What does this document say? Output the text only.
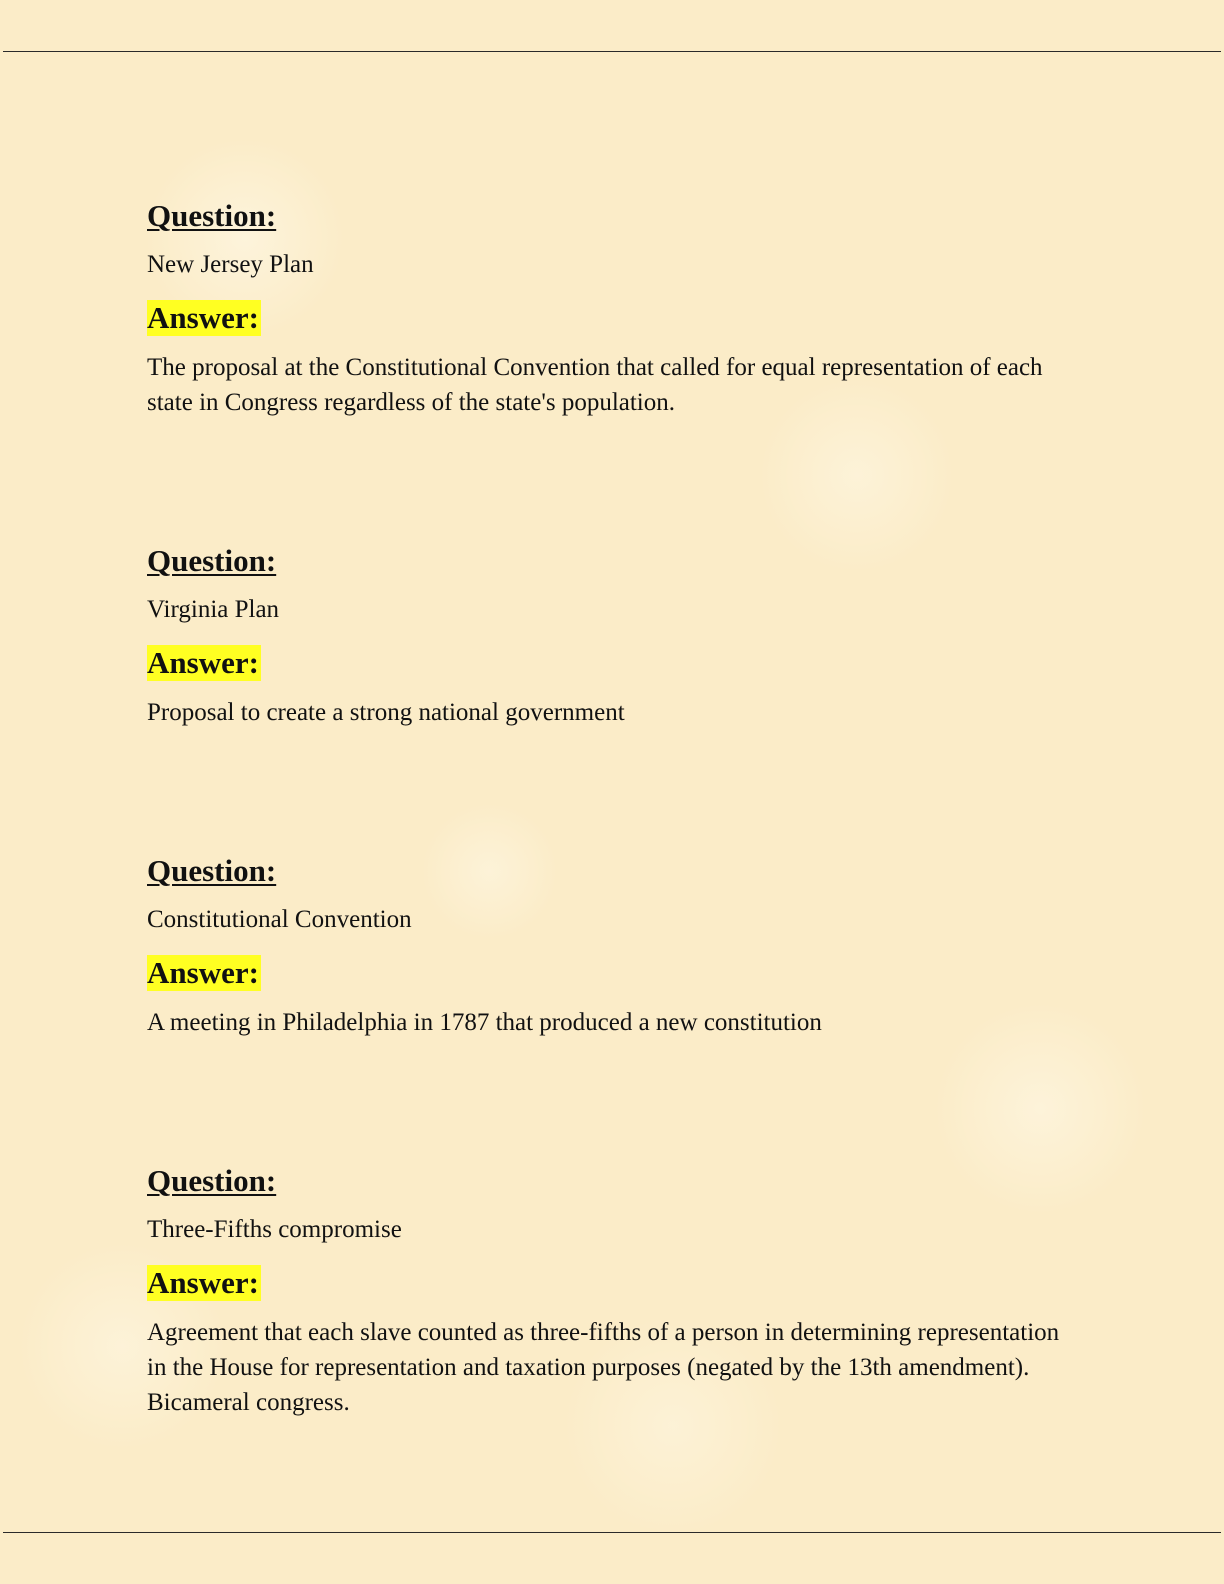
Question:
New Jersey Plan
Answer:
The proposal at the Constitutional Convention that called for equal representation of each state in Congress regardless of the state's population.
Question:
Virginia Plan
Answer:
Proposal to create a strong national government
Question:
Constitutional Convention
Answer:
A meeting in Philadelphia in 1787 that produced a new constitution
Question:
Three-Fifths compromise
Answer:
Agreement that each slave counted as three-fifths of a person in determining representation in the House for representation and taxation purposes (negated by the 13th amendment). Bicameral congress.
